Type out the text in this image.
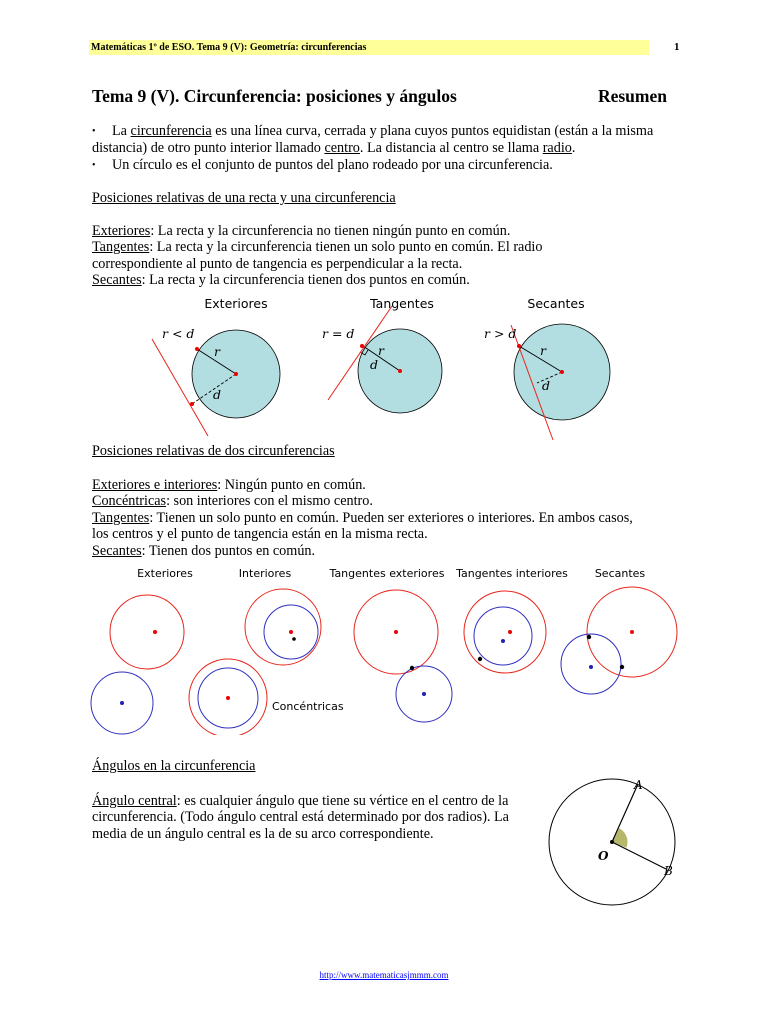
Matemáticas 1º de ESO. Tema 9 (V): Geometría: circunferencias	1
Tema 9 (V). Circunferencia: posiciones y ángulos	Resumen
• La circunferencia es una línea curva, cerrada y plana cuyos puntos equidistan (están a la misma distancia) de otro punto interior llamado centro. La distancia al centro se llama radio.
• Un círculo es el conjunto de puntos del plano rodeado por una circunferencia.
Posiciones relativas de una recta y una circunferencia
Exteriores: La recta y la circunferencia no tienen ningún punto en común.
Tangentes: La recta y la circunferencia tienen un solo punto en común. El radio correspondiente al punto de tangencia es perpendicular a la recta.
Secantes: La recta y la circunferencia tienen dos puntos en común.
Exteriores	Tangentes	Secantes
r < d
r
d
r = d
r
d
r > d
r
d
Posiciones relativas de dos circunferencias
Exteriores e interiores: Ningún punto en común.
Concéntricas: son interiores con el mismo centro.
Tangentes: Tienen un solo punto en común. Pueden ser exteriores o interiores. En ambos casos, los centros y el punto de tangencia están en la misma recta.
Secantes: Tienen dos puntos en común.
Exteriores	Interiores	Tangentes exteriores Tangentes interiores Secantes
Concéntricas
Ángulos en la circunferencia
Ángulo central: es cualquier ángulo que tiene su vértice en el centro de la circunferencia. (Todo ángulo central está determinado por dos radios). La media de un ángulo central es la de su arco correspondiente.
A
B
O
http://www.matematicasjmmm.com
